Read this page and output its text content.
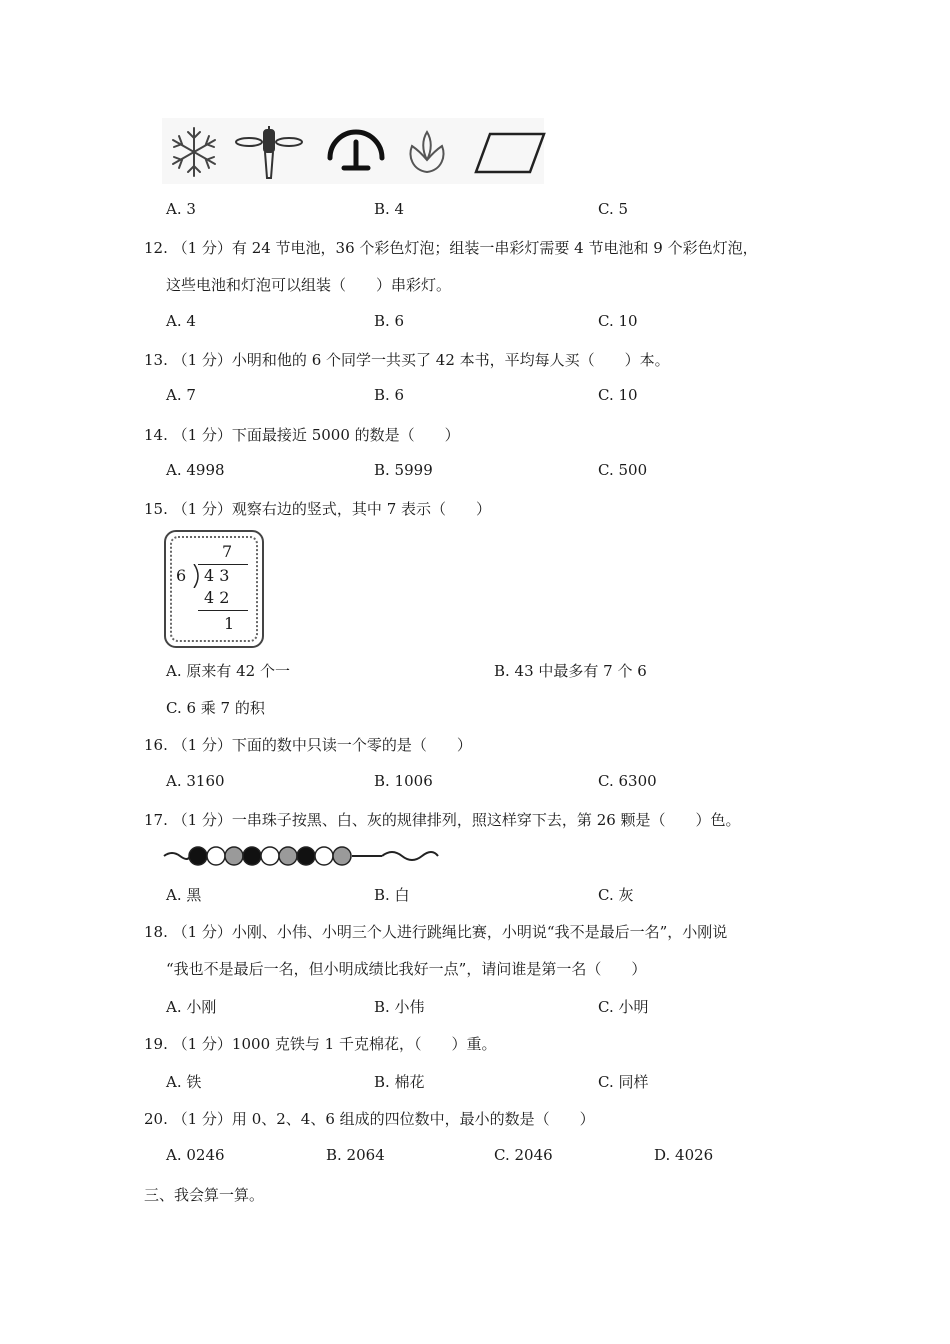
A. 3	B. 4	C. 5
12. （1 分）有 24 节电池，36 个彩色灯泡；组装一串彩灯需要 4 节电池和 9 个彩色灯泡，
这些电池和灯泡可以组装（　　）串彩灯。
A. 4	B. 6	C. 10
13. （1 分）小明和他的 6 个同学一共买了 42 本书，平均每人买（　　）本。
A. 7	B. 6	C. 10
14. （1 分）下面最接近 5000 的数是（　　）
A. 4998	B. 5999	C. 500
15. （1 分）观察右边的竖式，其中 7 表示（　　）
7
6 4 3
4 2
1
A. 原来有 42 个一	B. 43 中最多有 7 个 6
C. 6 乘 7 的积
16. （1 分）下面的数中只读一个零的是（　　）
A. 3160	B. 1006	C. 6300
17. （1 分）一串珠子按黑、白、灰的规律排列，照这样穿下去，第 26 颗是（　　）色。
A. 黑	B. 白	C. 灰
18. （1 分）小刚、小伟、小明三个人进行跳绳比赛，小明说“我不是最后一名”，小刚说
“我也不是最后一名，但小明成绩比我好一点”，请问谁是第一名（　　）
A. 小刚	B. 小伟	C. 小明
19. （1 分）1000 克铁与 1 千克棉花，（　　）重。
A. 铁	B. 棉花	C. 同样
20. （1 分）用 0、2、4、6 组成的四位数中，最小的数是（　　）
A. 0246	B. 2064	C. 2046	D. 4026
三、我会算一算。
